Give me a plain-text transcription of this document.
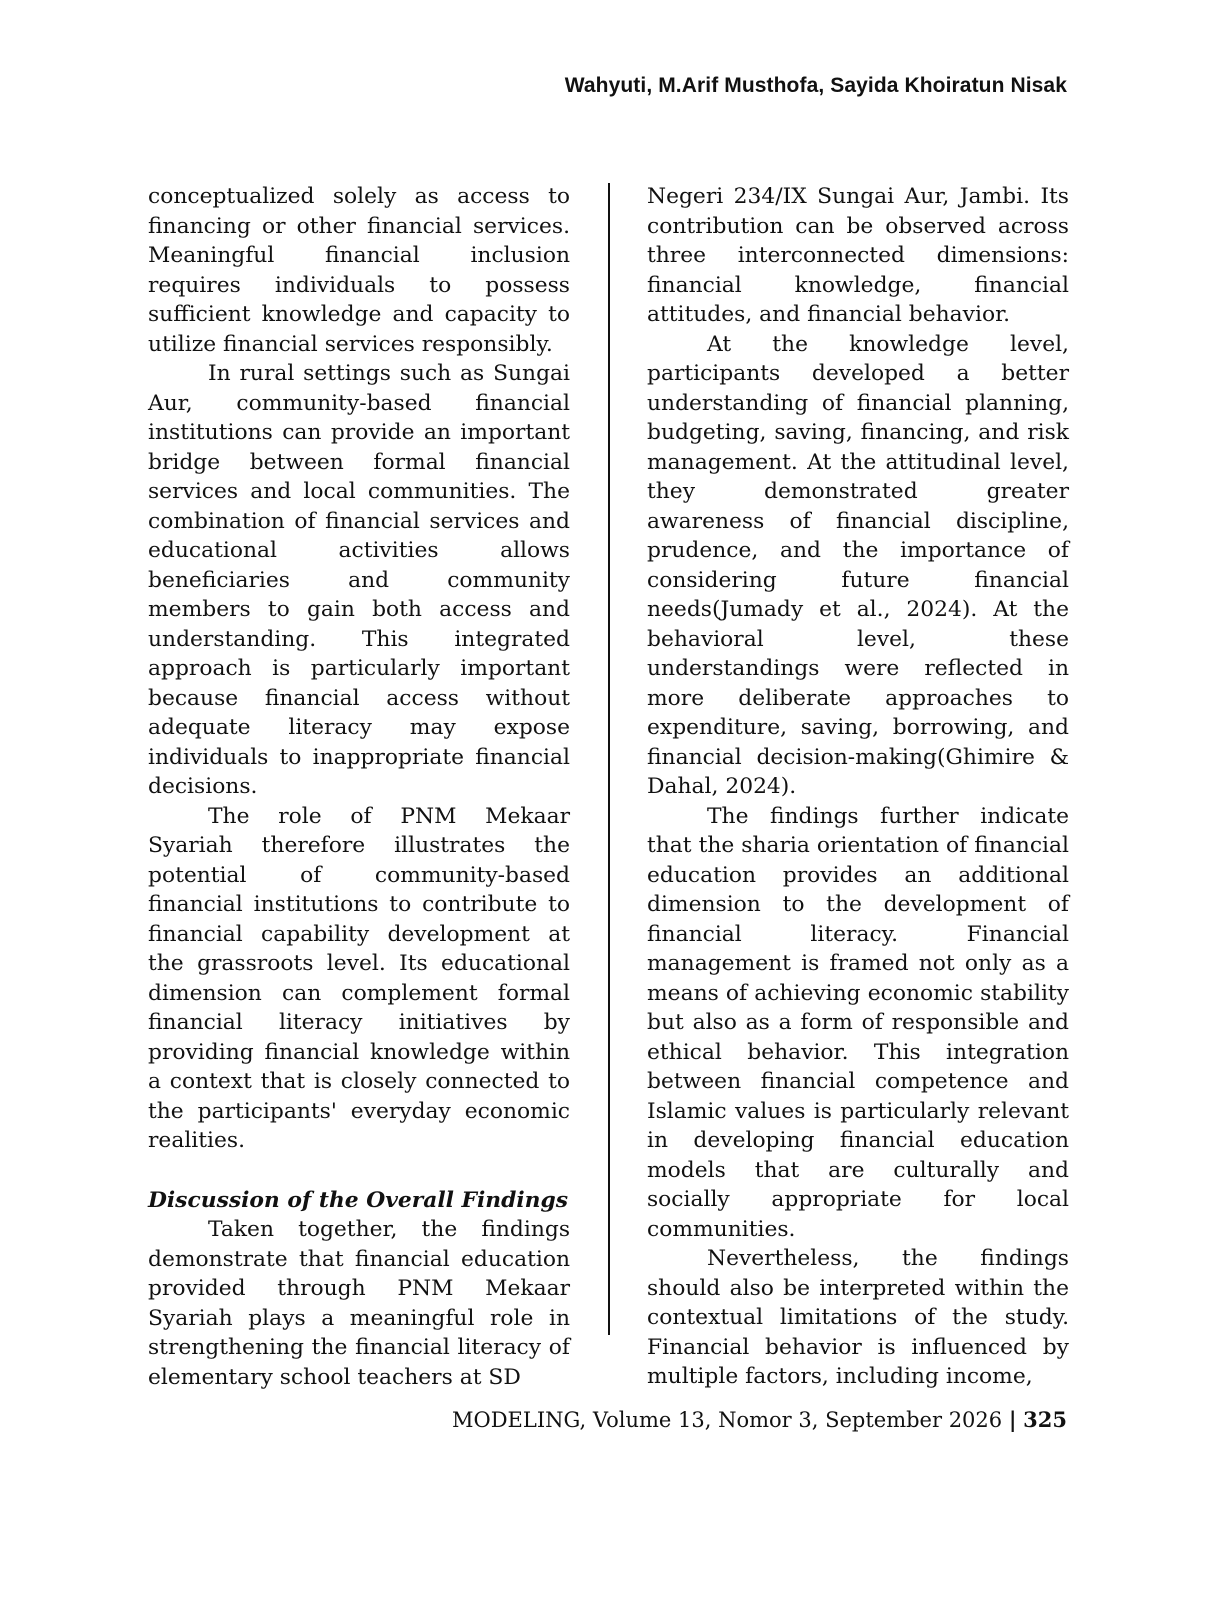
Wahyuti, M.Arif Musthofa, Sayida Khoiratun Nisak

conceptualized solely as access to financing or other financial services. Meaningful financial inclusion requires individuals to possess sufficient knowledge and capacity to utilize financial services responsibly.

In rural settings such as Sungai Aur, community-based financial institutions can provide an important bridge between formal financial services and local communities. The combination of financial services and educational activities allows beneficiaries and community members to gain both access and understanding. This integrated approach is particularly important because financial access without adequate literacy may expose individuals to inappropriate financial decisions.

The role of PNM Mekaar Syariah therefore illustrates the potential of community-based financial institutions to contribute to financial capability development at the grassroots level. Its educational dimension can complement formal financial literacy initiatives by providing financial knowledge within a context that is closely connected to the participants' everyday economic realities.

Discussion of the Overall Findings

Taken together, the findings demonstrate that financial education provided through PNM Mekaar Syariah plays a meaningful role in strengthening the financial literacy of elementary school teachers at SD

Negeri 234/IX Sungai Aur, Jambi. Its contribution can be observed across three interconnected dimensions: financial knowledge, financial attitudes, and financial behavior.

At the knowledge level, participants developed a better understanding of financial planning, budgeting, saving, financing, and risk management. At the attitudinal level, they demonstrated greater awareness of financial discipline, prudence, and the importance of considering future financial needs(Jumady et al., 2024). At the behavioral level, these understandings were reflected in more deliberate approaches to expenditure, saving, borrowing, and financial decision-making(Ghimire & Dahal, 2024).

The findings further indicate that the sharia orientation of financial education provides an additional dimension to the development of financial literacy. Financial management is framed not only as a means of achieving economic stability but also as a form of responsible and ethical behavior. This integration between financial competence and Islamic values is particularly relevant in developing financial education models that are culturally and socially appropriate for local communities.

Nevertheless, the findings should also be interpreted within the contextual limitations of the study. Financial behavior is influenced by multiple factors, including income,

MODELING, Volume 13, Nomor 3, September 2026 | 325
